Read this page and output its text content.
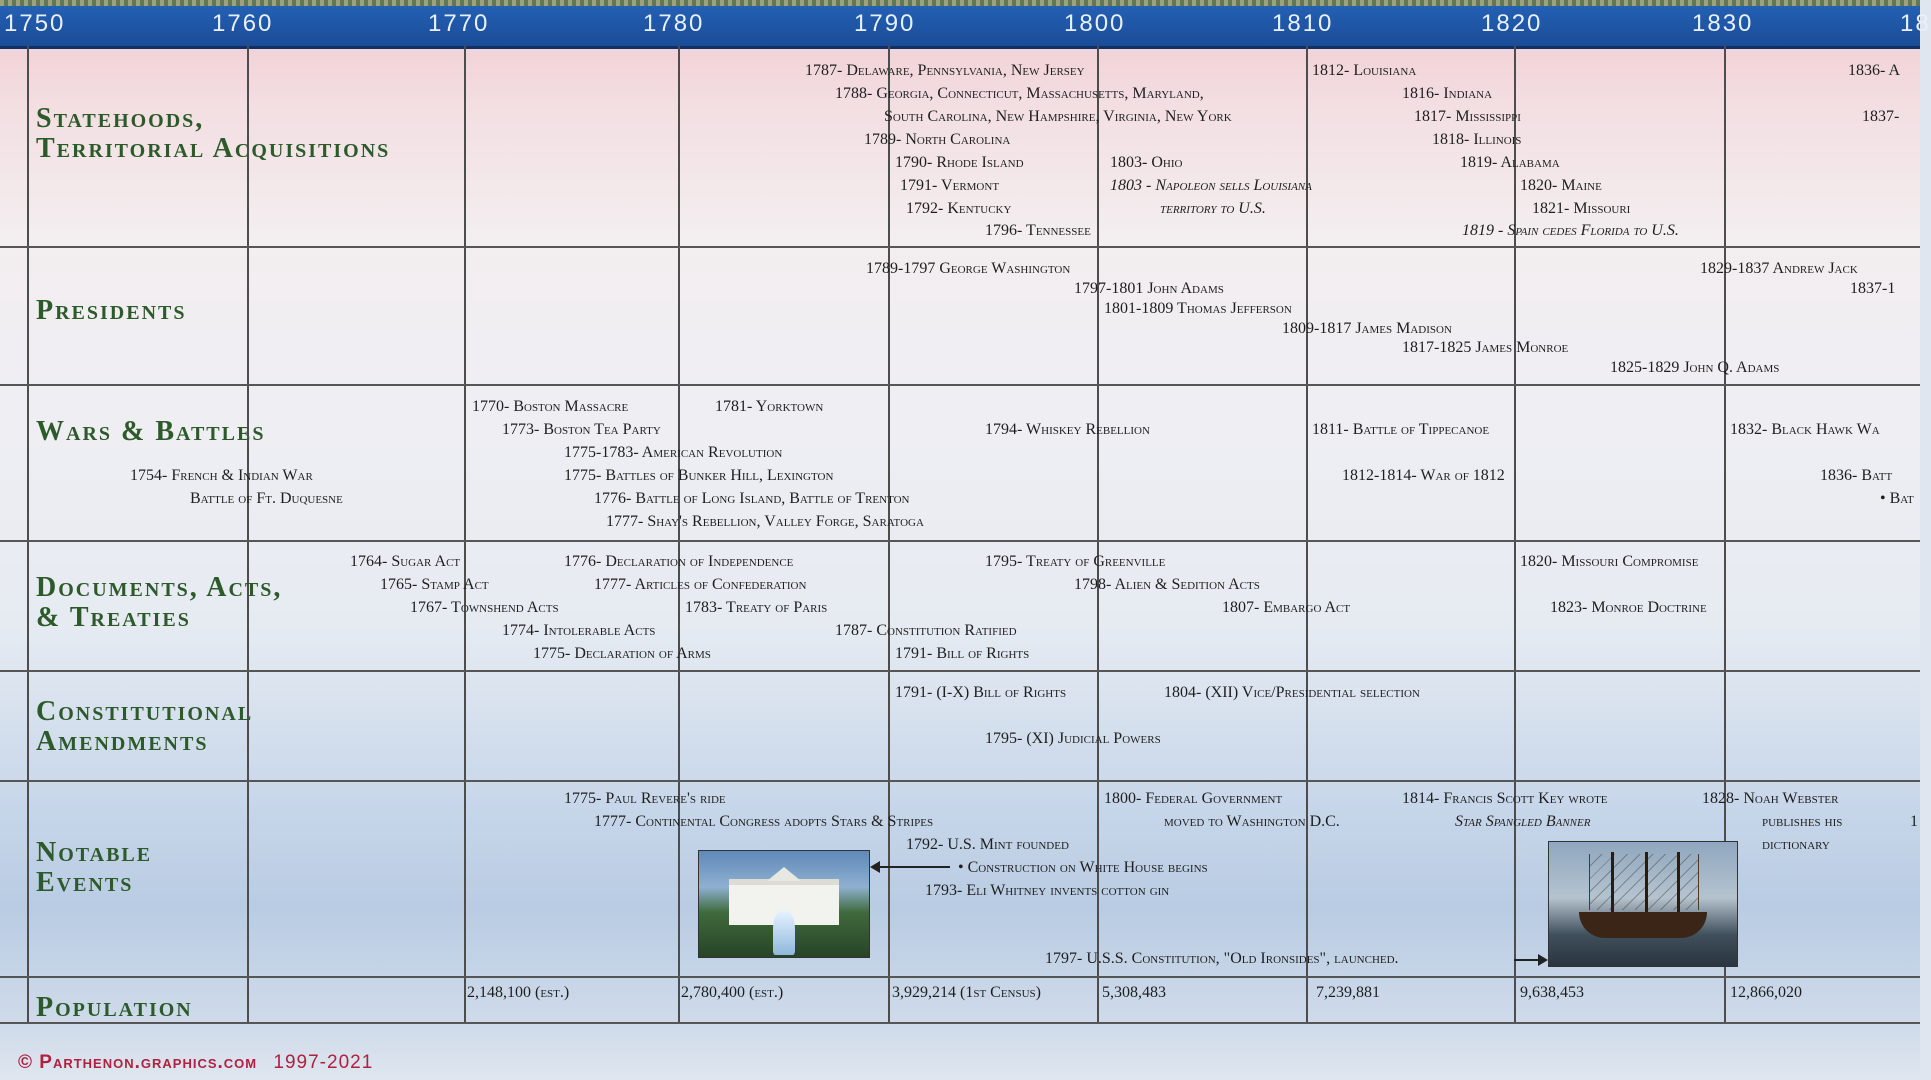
1750	1760	1770	1780	1790	1800	1810	1820	1830	18
Statehoods,
Territorial Acquisitions
Presidents
Wars & Battles
Documents, Acts,
& Treaties
Constitutional
Amendments
Notable
Events
Population
1787- Delaware, Pennsylvania, New Jersey
1788- Georgia, Connecticut, Massachusetts, Maryland,
South Carolina, New Hampshire, Virginia, New York
1789- North Carolina
1790- Rhode Island
1791- Vermont
1792- Kentucky
1796- Tennessee
1803- Ohio
1803 - Napoleon sells Louisiana
territory to U.S.
1812- Louisiana
1816- Indiana
1817- Mississippi
1818- Illinois
1819- Alabama
1820- Maine
1821- Missouri
1819 - Spain cedes Florida to U.S.
1836- A
1837-
1789-1797 George Washington
1797-1801 John Adams
1801-1809 Thomas Jefferson
1809-1817 James Madison
1817-1825 James Monroe
1825-1829 John Q. Adams
1829-1837 Andrew Jack
1837-1
1754- French & Indian War
Battle of Ft. Duquesne
1770- Boston Massacre	1781- Yorktown
1773- Boston Tea Party
1775-1783- American Revolution
1775- Battles of Bunker Hill, Lexington
1776- Battle of Long Island, Battle of Trenton
1777- Shay's Rebellion, Valley Forge, Saratoga
1794- Whiskey Rebellion	1811- Battle of Tippecanoe
1812-1814- War of 1812
1832- Black Hawk Wa
1836- Batt
• Bat
1764- Sugar Act
1765- Stamp Act
1767- Townshend Acts
1774- Intolerable Acts
1775- Declaration of Arms
1776- Declaration of Independence
1777- Articles of Confederation
1783- Treaty of Paris
1787- Constitution Ratified
1791- Bill of Rights
1795- Treaty of Greenville
1798- Alien & Sedition Acts
1807- Embargo Act
1820- Missouri Compromise
1823- Monroe Doctrine
1791- (I-X) Bill of Rights	1804- (XII) Vice/Presidential selection
1795- (XI) Judicial Powers
1775- Paul Revere's ride
1777- Continental Congress adopts Stars & Stripes
1792- U.S. Mint founded
• Construction on White House begins
1793- Eli Whitney invents cotton gin
1797- U.S.S. Constitution, "Old Ironsides", launched.
1800- Federal Government
moved to Washington D.C.
1814- Francis Scott Key wrote
Star Spangled Banner
1828- Noah Webster
publishes his
dictionary
1
2,148,100 (est.)	2,780,400 (est.)	3,929,214 (1st Census)	5,308,483	7,239,881	9,638,453	12,866,020
© Parthenon.graphics.com 1997-2021
